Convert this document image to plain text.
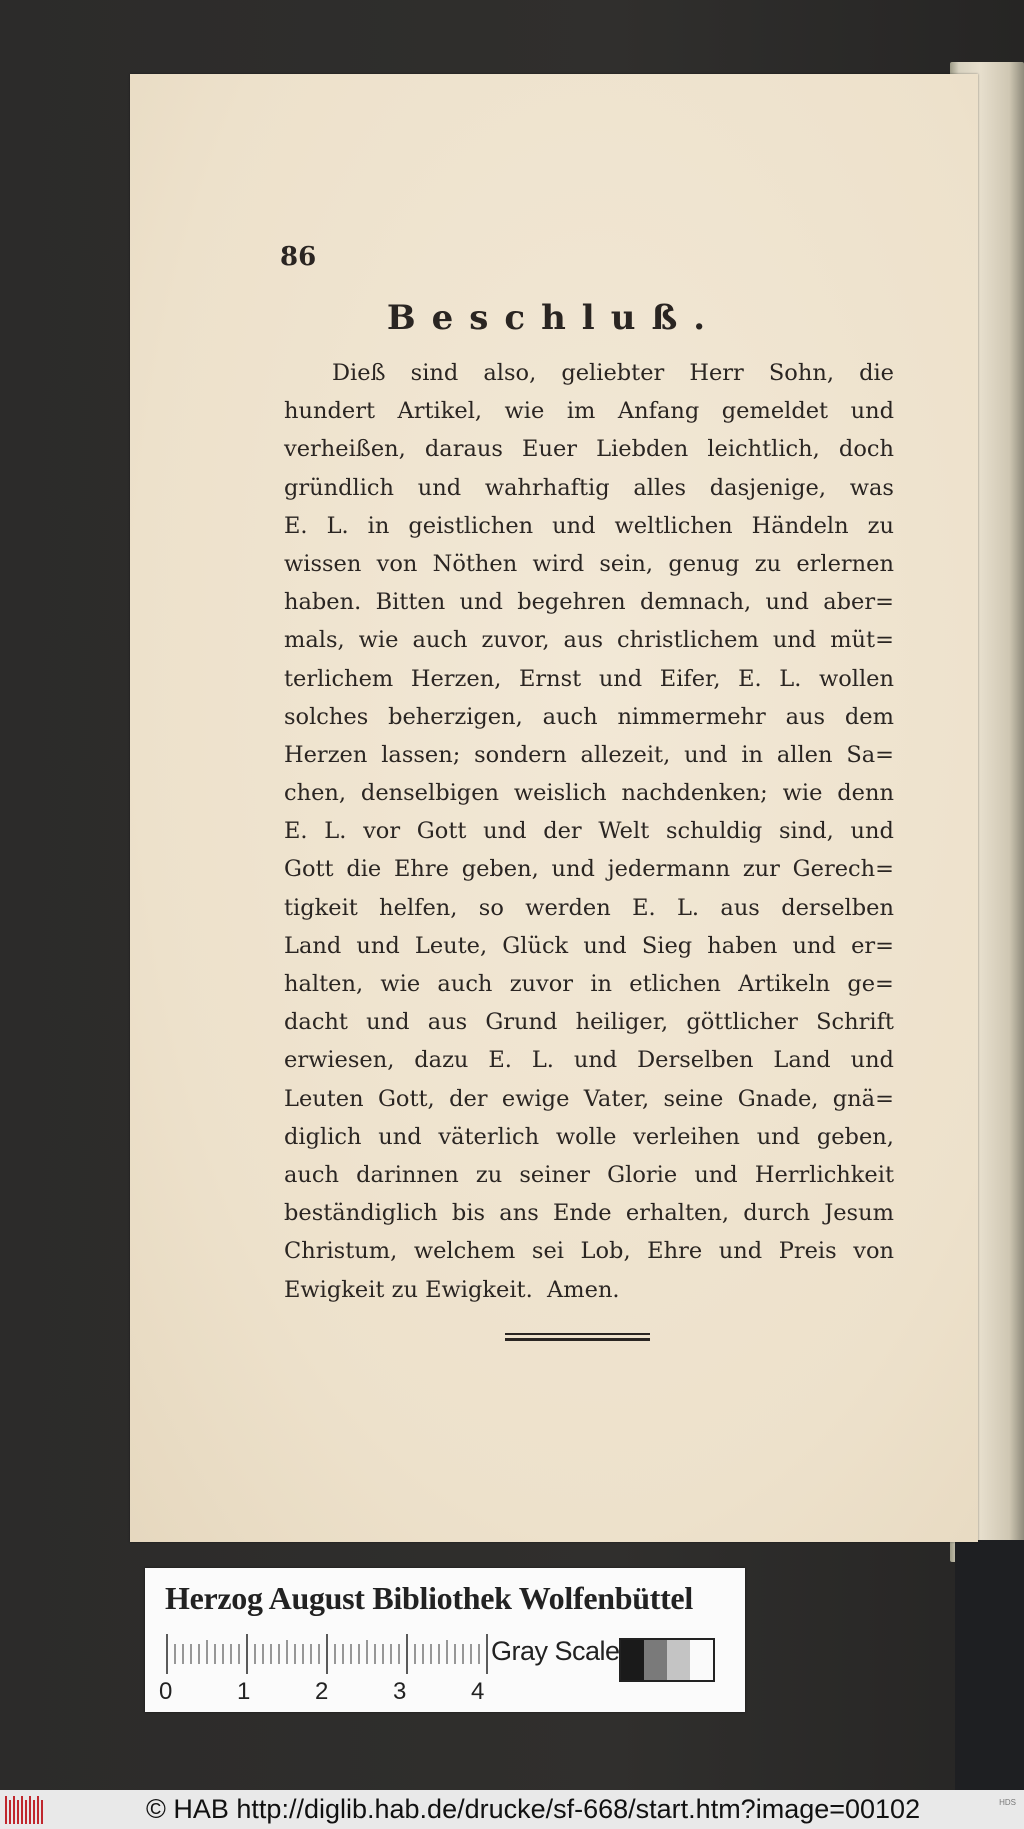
86
Beschluß.
Dieß sind also, geliebter Herr Sohn, die
hundert Artikel, wie im Anfang gemeldet und
verheißen, daraus Euer Liebden leichtlich, doch
gründlich und wahrhaftig alles dasjenige, was
E. L. in geistlichen und weltlichen Händeln zu
wissen von Nöthen wird sein, genug zu erlernen
haben. Bitten und begehren demnach, und aber=
mals, wie auch zuvor, aus christlichem und müt=
terlichem Herzen, Ernst und Eifer, E. L. wollen
solches beherzigen, auch nimmermehr aus dem
Herzen lassen; sondern allezeit, und in allen Sa=
chen, denselbigen weislich nachdenken; wie denn
E. L. vor Gott und der Welt schuldig sind, und
Gott die Ehre geben, und jedermann zur Gerech=
tigkeit helfen, so werden E. L. aus derselben
Land und Leute, Glück und Sieg haben und er=
halten, wie auch zuvor in etlichen Artikeln ge=
dacht und aus Grund heiliger, göttlicher Schrift
erwiesen, dazu E. L. und Derselben Land und
Leuten Gott, der ewige Vater, seine Gnade, gnä=
diglich und väterlich wolle verleihen und geben,
auch darinnen zu seiner Glorie und Herrlichkeit
beständiglich bis ans Ende erhalten, durch Jesum
Christum, welchem sei Lob, Ehre und Preis von
Ewigkeit zu Ewigkeit.  Amen.
Herzog August Bibliothek Wolfenbüttel
0	1	2	3	4
Gray Scale
© HAB http://diglib.hab.de/drucke/sf-668/start.htm?image=00102	HDS
